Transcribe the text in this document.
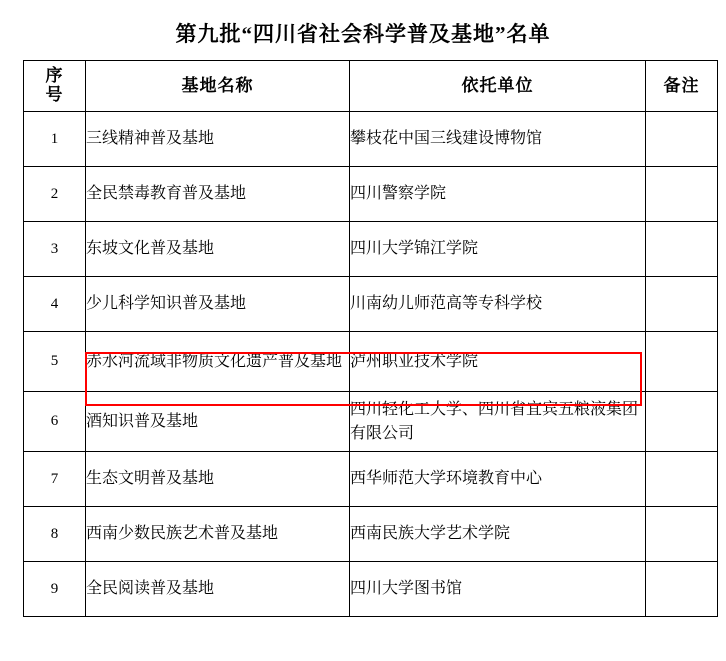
第九批“四川省社会科学普及基地”名单
序
号	基地名称	依托单位	备注
1	三线精神普及基地	攀枝花中国三线建设博物馆	
2	全民禁毒教育普及基地	四川警察学院	
3	东坡文化普及基地	四川大学锦江学院	
4	少儿科学知识普及基地	川南幼儿师范高等专科学校	
5	赤水河流域非物质文化遗产普及基地	泸州职业技术学院	
6	酒知识普及基地	四川轻化工大学、四川省宜宾五粮液集团有限公司	
7	生态文明普及基地	西华师范大学环境教育中心	
8	西南少数民族艺术普及基地	西南民族大学艺术学院	
9	全民阅读普及基地	四川大学图书馆	
